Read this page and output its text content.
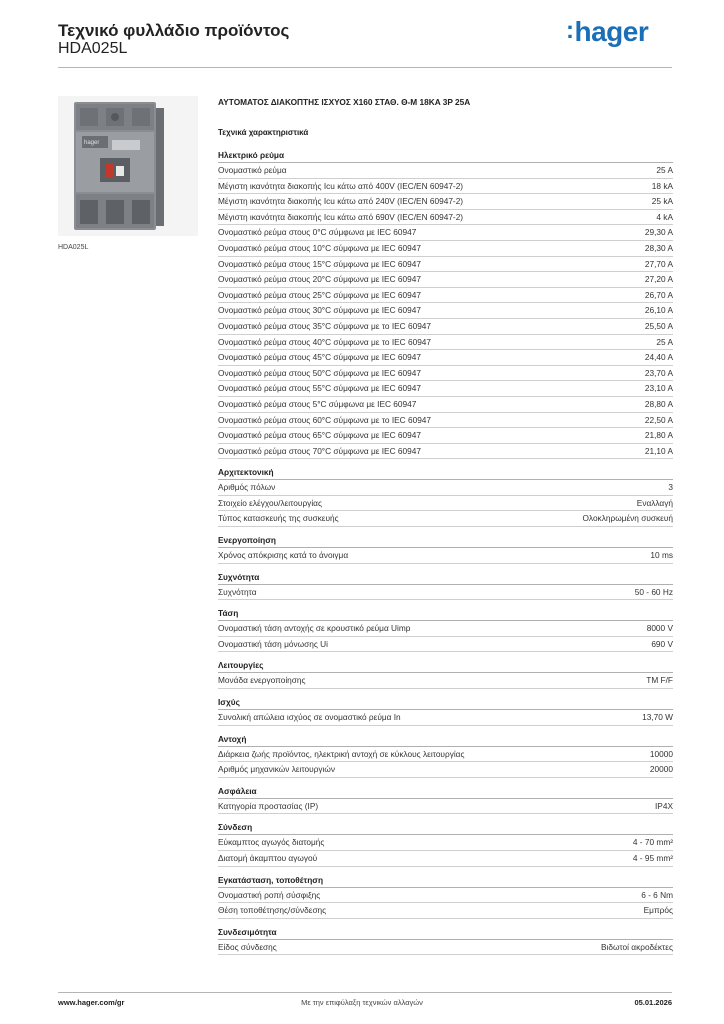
Τεχνικό φυλλάδιο προϊόντος
HDA025L
:hager
hager
HDA025L
ΑΥΤΟΜΑΤΟΣ ΔΙΑΚΟΠΤΗΣ ΙΣΧΥΟΣ X160 ΣΤΑΘ. Θ-Μ 18KA 3P 25A
Τεχνικά χαρακτηριστικά
Ηλεκτρικό ρεύμα
Ονομαστικό ρεύμα	25 A
Μέγιστη ικανότητα διακοπής Icu κάτω από 400V (IEC/EN 60947-2)	18 kA
Μέγιστη ικανότητα διακοπής Icu κάτω από 240V (IEC/EN 60947-2)	25 kA
Μέγιστη ικανότητα διακοπής Icu κάτω από 690V (IEC/EN 60947-2)	4 kA
Ονομαστικό ρεύμα στους 0°C σύμφωνα με IEC 60947	29,30 A
Ονομαστικό ρεύμα στους 10°C σύμφωνα με IEC 60947	28,30 A
Ονομαστικό ρεύμα στους 15°C σύμφωνα με IEC 60947	27,70 A
Ονομαστικό ρεύμα στους 20°C σύμφωνα με IEC 60947	27,20 A
Ονομαστικό ρεύμα στους 25°C σύμφωνα με IEC 60947	26,70 A
Ονομαστικό ρεύμα στους 30°C σύμφωνα με IEC 60947	26,10 A
Ονομαστικό ρεύμα στους 35°C σύμφωνα με το IEC 60947	25,50 A
Ονομαστικό ρεύμα στους 40°C σύμφωνα με το IEC 60947	25 A
Ονομαστικό ρεύμα στους 45°C σύμφωνα με IEC 60947	24,40 A
Ονομαστικό ρεύμα στους 50°C σύμφωνα με IEC 60947	23,70 A
Ονομαστικό ρεύμα στους 55°C σύμφωνα με IEC 60947	23,10 A
Ονομαστικό ρεύμα στους 5°C σύμφωνα με IEC 60947	28,80 A
Ονομαστικό ρεύμα στους 60°C σύμφωνα με το IEC 60947	22,50 A
Ονομαστικό ρεύμα στους 65°C σύμφωνα με IEC 60947	21,80 A
Ονομαστικό ρεύμα στους 70°C σύμφωνα με IEC 60947	21,10 A
Αρχιτεκτονική
Αριθμός πόλων	3
Στοιχείο ελέγχου/λειτουργίας	Εναλλαγή
Τύπος κατασκευής της συσκευής	Ολοκληρωμένη συσκευή
Ενεργοποίηση
Χρόνος απόκρισης κατά το άνοιγμα	10 ms
Συχνότητα
Συχνότητα	50 - 60 Hz
Τάση
Ονομαστική τάση αντοχής σε κρουστικό ρεύμα Uimp	8000 V
Ονομαστική τάση μόνωσης Ui	690 V
Λειτουργίες
Μονάδα ενεργοποίησης	TM F/F
Ισχύς
Συνολική απώλεια ισχύος σε ονομαστικό ρεύμα In	13,70 W
Αντοχή
Διάρκεια ζωής προϊόντος, ηλεκτρική αντοχή σε κύκλους λειτουργίας	10000
Αριθμός μηχανικών λειτουργιών	20000
Ασφάλεια
Κατηγορία προστασίας (IP)	IP4X
Σύνδεση
Εύκαμπτος αγωγός διατομής	4 - 70 mm²
Διατομή άκαμπτου αγωγού	4 - 95 mm²
Εγκατάσταση, τοποθέτηση
Ονομαστική ροπή σύσφιξης	6 - 6 Nm
Θέση τοποθέτησης/σύνδεσης	Εμπρός
Συνδεσιμότητα
Είδος σύνδεσης	Βιδωτοί ακροδέκτες
www.hager.com/gr	Με την επιφύλαξη τεχνικών αλλαγών	05.01.2026
